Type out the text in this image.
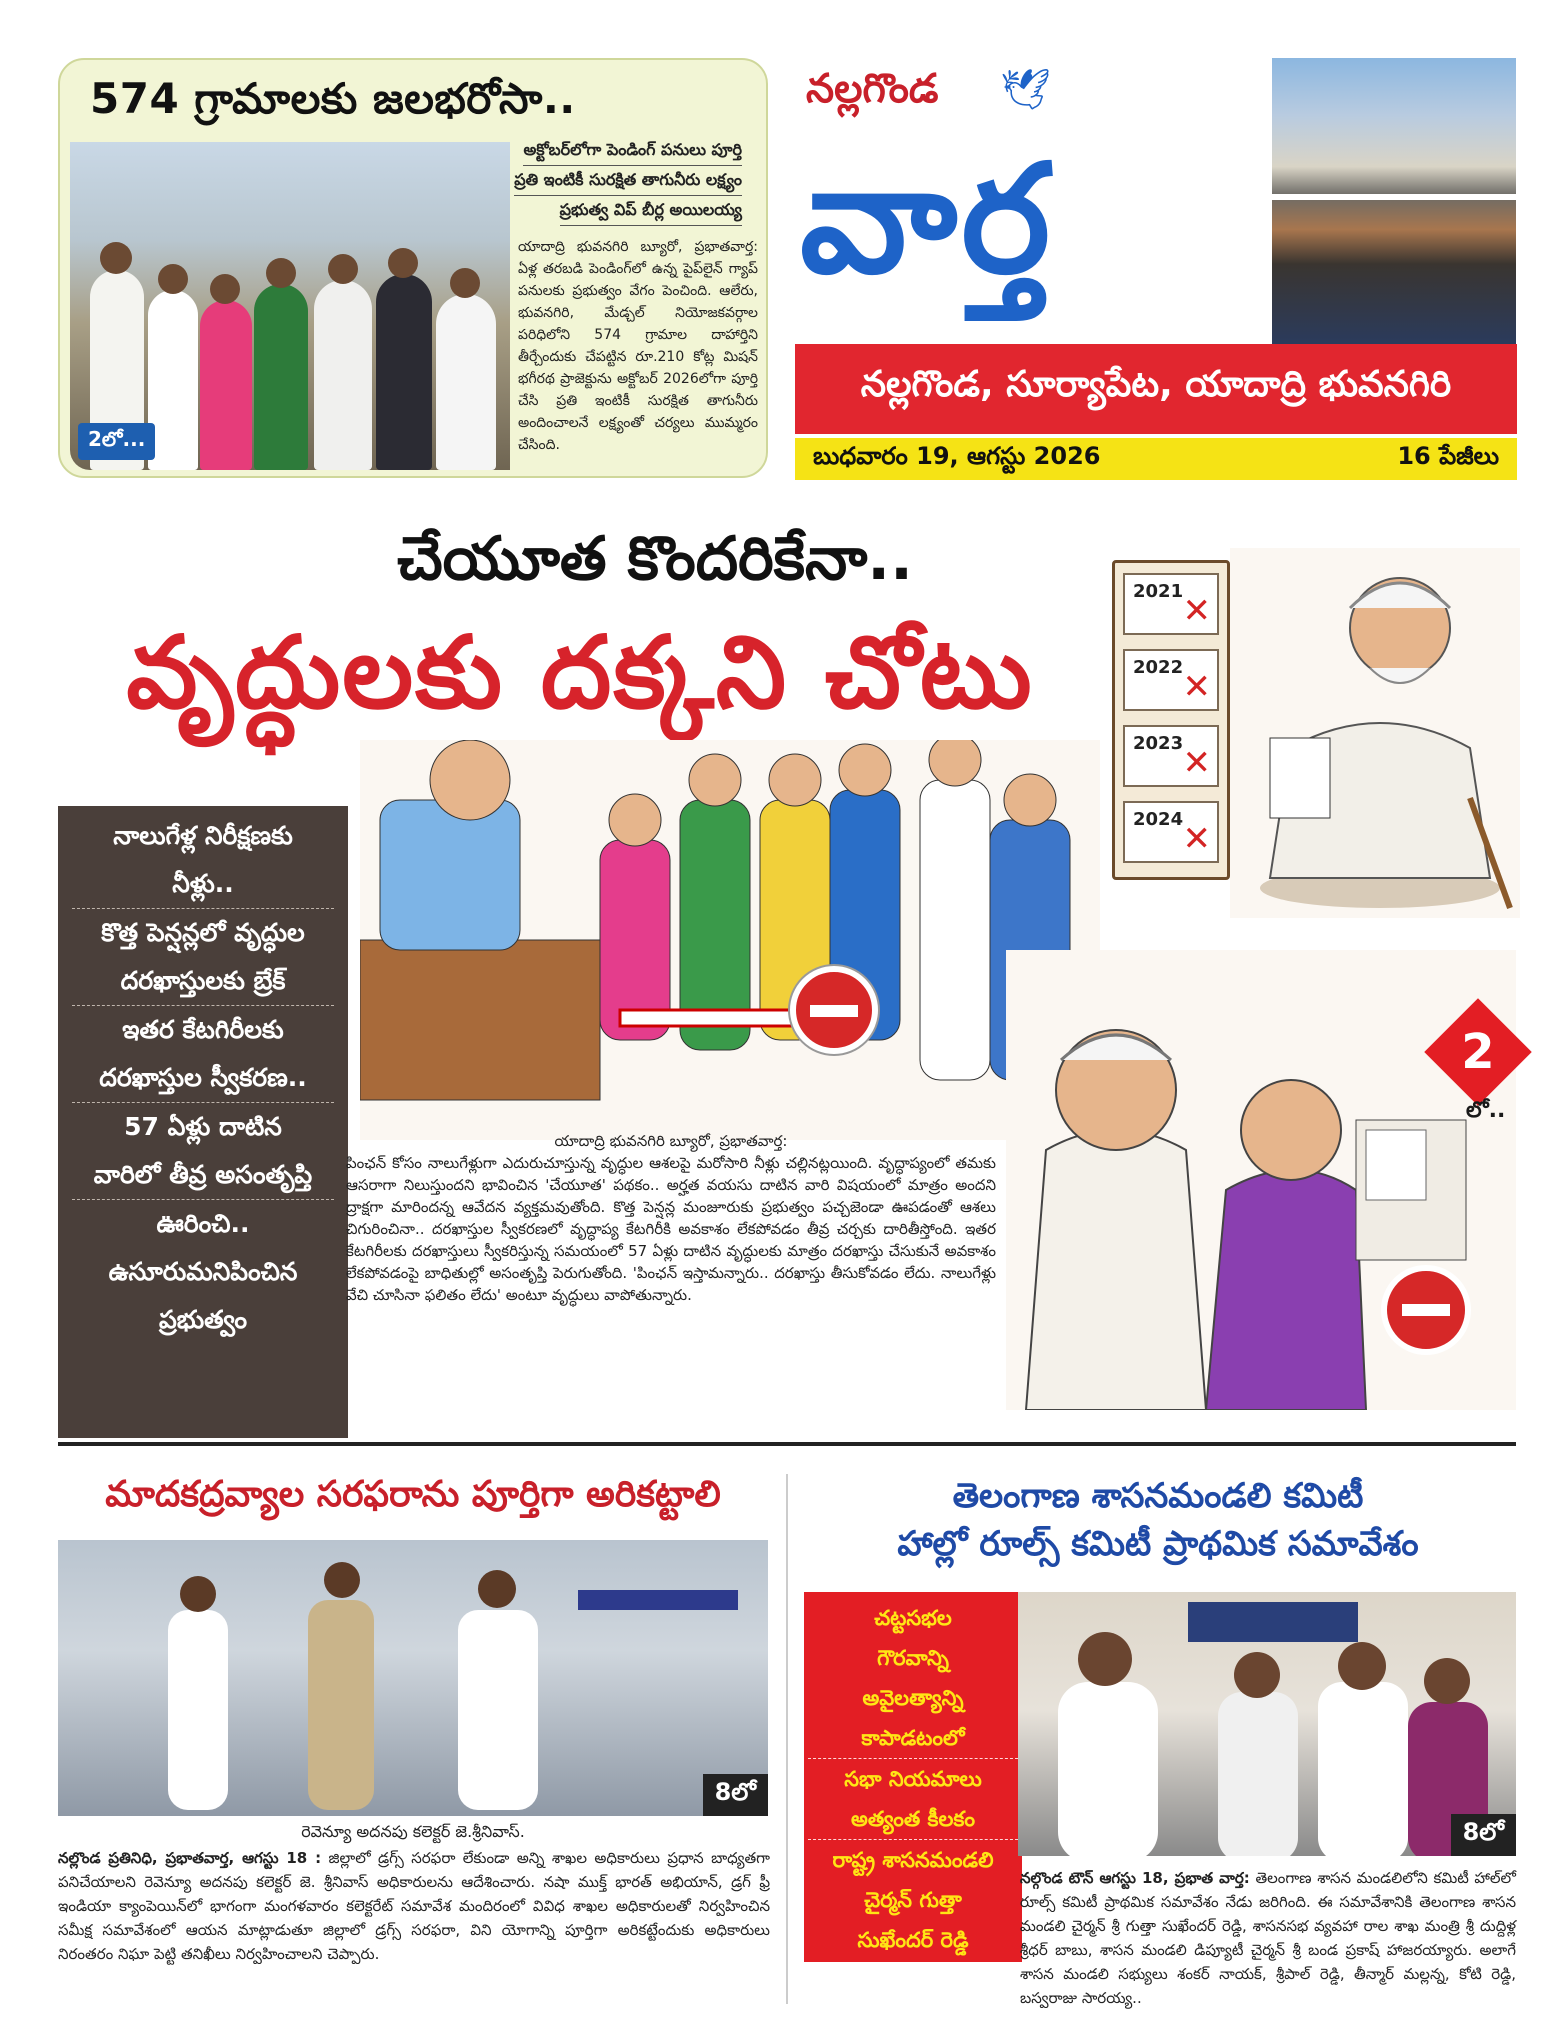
574 గ్రామాలకు జలభరోసా..
2లో...
అక్టోబర్‌లోగా పెండింగ్ పనులు పూర్తి
ప్రతి ఇంటికీ సురక్షిత తాగునీరు లక్ష్యం
ప్రభుత్వ విప్ బీర్ల అయిలయ్య
యాదాద్రి భువనగిరి బ్యూరో, ప్రభాతవార్త: ఏళ్ల తరబడి పెండింగ్‌లో ఉన్న పైప్‌లైన్ గ్యాప్ పనులకు ప్రభుత్వం వేగం పెంచింది. ఆలేరు, భువనగిరి, మేడ్చల్ నియోజకవర్గాల పరిధిలోని 574 గ్రామాల దాహార్తిని తీర్చేందుకు చేపట్టిన రూ.210 కోట్ల మిషన్ భగీరథ ప్రాజెక్టును అక్టోబర్ 2026లోగా పూర్తి చేసి ప్రతి ఇంటికీ సురక్షిత తాగునీరు అందించాలనే లక్ష్యంతో చర్యలు ముమ్మరం చేసింది.
నల్లగొండ 🕊
వార్త
నల్లగొండ, సూర్యాపేట, యాదాద్రి భువనగిరి
బుధవారం 19, ఆగస్టు 2026	16 పేజీలు
చేయూత కొందరికేనా..
వృద్ధులకు దక్కని చోటు
2021 ✕
2022 ✕
2023 ✕
2024 ✕
2
లో..
నాలుగేళ్ల నిరీక్షణకు
నీళ్లు..
కొత్త పెన్షన్లలో వృద్ధుల
దరఖాస్తులకు బ్రేక్
ఇతర కేటగిరీలకు
దరఖాస్తుల స్వీకరణ..
57 ఏళ్లు దాటిన
వారిలో తీవ్ర అసంతృప్తి
ఊరించి..
ఉసూరుమనిపించిన
ప్రభుత్వం
యాదాద్రి భువనగిరి బ్యూరో, ప్రభాతవార్త:
పింఛన్ కోసం నాలుగేళ్లుగా ఎదురుచూస్తున్న వృద్ధుల ఆశలపై మరోసారి నీళ్లు చల్లినట్లయింది. వృద్ధాప్యంలో తమకు ఆసరాగా నిలుస్తుందని భావించిన 'చేయూత' పథకం.. అర్హత వయసు దాటిన వారి విషయంలో మాత్రం అందని ద్రాక్షగా మారిందన్న ఆవేదన వ్యక్తమవుతోంది. కొత్త పెన్షన్ల మంజూరుకు ప్రభుత్వం పచ్చజెండా ఊపడంతో ఆశలు చిగురించినా.. దరఖాస్తుల స్వీకరణలో వృద్ధాప్య కేటగిరీకి అవకాశం లేకపోవడం తీవ్ర చర్చకు దారితీస్తోంది. ఇతర కేటగిరీలకు దరఖాస్తులు స్వీకరిస్తున్న సమయంలో 57 ఏళ్లు దాటిన వృద్ధులకు మాత్రం దరఖాస్తు చేసుకునే అవకాశం లేకపోవడంపై బాధితుల్లో అసంతృప్తి పెరుగుతోంది. 'పింఛన్ ఇస్తామన్నారు.. దరఖాస్తు తీసుకోవడం లేదు. నాలుగేళ్లు వేచి చూసినా ఫలితం లేదు' అంటూ వృద్ధులు వాపోతున్నారు.
మాదకద్రవ్యాల సరఫరాను పూర్తిగా అరికట్టాలి
8లో
రెవెన్యూ అదనపు కలెక్టర్ జె.శ్రీనివాస్.
నల్లొండ ప్రతినిధి, ప్రభాతవార్త, ఆగస్టు 18 : జిల్లాలో డ్రగ్స్ సరఫరా లేకుండా అన్ని శాఖల అధికారులు ప్రధాన బాధ్యతగా పనిచేయాలని రెవెన్యూ అదనపు కలెక్టర్ జె. శ్రీనివాస్ అధికారులను ఆదేశించారు. నషా ముక్త్ భారత్ అభియాన్, డ్రగ్ ఫ్రీ ఇండియా క్యాంపెయిన్‌లో భాగంగా మంగళవారం కలెక్టరేట్ సమావేశ మందిరంలో వివిధ శాఖల అధికారులతో నిర్వహించిన సమీక్ష సమావేశంలో ఆయన మాట్లాడుతూ జిల్లాలో డ్రగ్స్ సరఫరా, విని యోగాన్ని పూర్తిగా అరికట్టేందుకు అధికారులు నిరంతరం నిఘా పెట్టి తనిఖీలు నిర్వహించాలని చెప్పారు.
తెలంగాణ శాసనమండలి కమిటీ
హాల్లో రూల్స్ కమిటీ ప్రాథమిక సమావేశం
చట్టసభల
గౌరవాన్ని
అవైలత్యాన్ని
కాపాడటంలో
సభా నియమాలు
అత్యంత కీలకం
రాష్ట్ర శాసనమండలి
చైర్మన్ గుత్తా
సుఖేందర్ రెడ్డి
8లో
నల్గొండ టౌన్ ఆగస్టు 18, ప్రభాత వార్త: తెలంగాణ శాసన మండలిలోని కమిటీ హాల్‌లో రూల్స్ కమిటీ ప్రాథమిక సమావేశం నేడు జరిగింది. ఈ సమావేశానికి తెలంగాణ శాసన మండలి చైర్మన్ శ్రీ గుత్తా సుఖేందర్ రెడ్డి, శాసనసభ వ్యవహా రాల శాఖ మంత్రి శ్రీ దుద్దిళ్ల శ్రీధర్ బాబు, శాసన మండలి డిప్యూటీ చైర్మన్ శ్రీ బండ ప్రకాష్ హాజరయ్యారు. అలాగే శాసన మండలి సభ్యులు శంకర్ నాయక్, శ్రీపాల్ రెడ్డి, తీన్మార్ మల్లన్న, కోటి రెడ్డి, బస్వరాజు సారయ్య..
